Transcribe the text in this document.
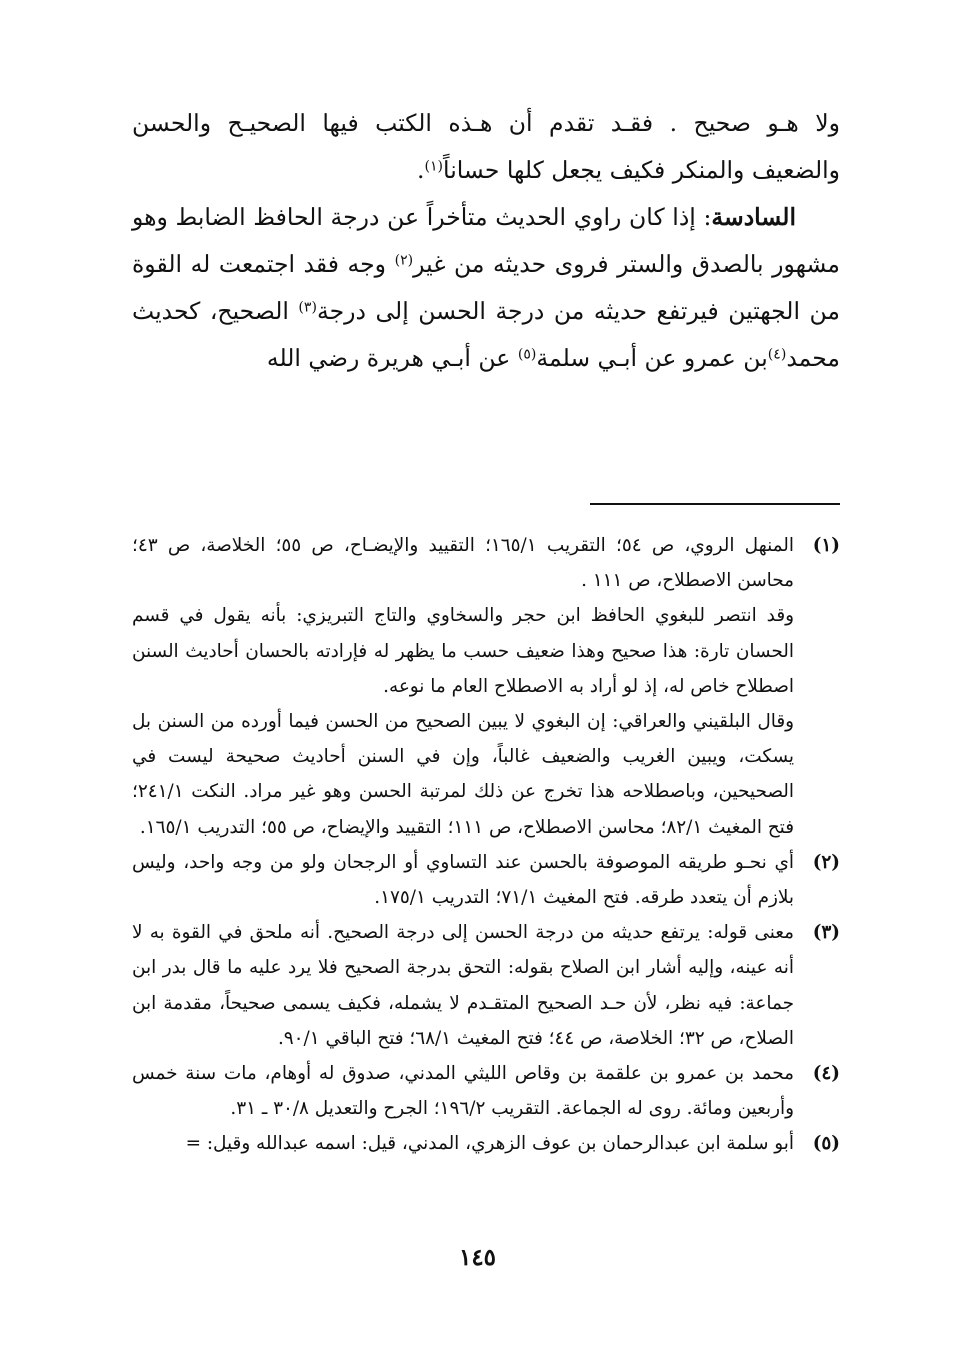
ولا هـو صحيح . فقـد تقدم أن هـذه الكتب فيها الصحيـح والحسن

والضعيف والمنكر فكيف يجعل كلها حساناً$^{(١)}$.

السادسة: إذا كان راوي الحديث متأخراً عن درجة الحافظ الضابط وهو مشهور بالصدق والستر فروى حديثه من غير$^{(٢)}$ وجه فقد اجتمعت له القوة من الجهتين فيرتفع حديثه من درجة الحسن إلى درجة$^{(٣)}$ الصحيح، كحديث محمد$^{(٤)}$بن عمرو عن أبـي سلمة$^{(٥)}$ عن أبـي هريرة رضي الله

(١)

المنهل الروي، ص ٥٤؛ التقريب ١٦٥/١؛ التقييد والإيضـاح، ص ٥٥؛ الخلاصة، ص ٤٣؛ محاسن الاصطلاح، ص ١١١ .

وقد انتصر للبغوي الحافظ ابن حجر والسخاوي والتاج التبريزي: بأنه يقول في قسم الحسان تارة: هذا صحيح وهذا ضعيف حسب ما يظهر له فإرادته بالحسان أحاديث السنن اصطلاح خاص له، إذ لو أراد به الاصطلاح العام ما نوعه.

وقال البلقيني والعراقي: إن البغوي لا يبين الصحيح من الحسن فيما أورده من السنن بل يسكت، ويبين الغريب والضعيف غالباً، وإن في السنن أحاديث صحيحة ليست في الصحيحين، وباصطلاحه هذا تخرج عن ذلك لمرتبة الحسن وهو غير مراد. النكت ٢٤١/١؛ فتح المغيث ٨٢/١؛ محاسن الاصطلاح، ص ١١١؛ التقييد والإيضاح، ص ٥٥؛ التدريب ١٦٥/١.

(٢)

أي نحـو طريقه الموصوفة بالحسن عند التساوي أو الرجحان ولو من وجه واحد، وليس بلازم أن يتعدد طرقه. فتح المغيث ٧١/١؛ التدريب ١٧٥/١.

(٣)

معنى قوله: يرتفع حديثه من درجة الحسن إلى درجة الصحيح. أنه ملحق في القوة به لا أنه عينه، وإليه أشار ابن الصلاح بقوله: التحق بدرجة الصحيح فلا يرد عليه ما قال بدر ابن جماعة: فيه نظر، لأن حـد الصحيح المتقـدم لا يشمله، فكيف يسمى صحيحاً، مقدمة ابن الصلاح، ص ٣٢؛ الخلاصة، ص ٤٤؛ فتح المغيث ٦٨/١؛ فتح الباقي ٩٠/١.

(٤)

محمد بن عمرو بن علقمة بن وقاص الليثي المدني، صدوق له أوهام، مات سنة خمس وأربعين ومائة. روى له الجماعة. التقريب ١٩٦/٢؛ الجرح والتعديل ٣٠/٨ ـ ٣١.

(٥)

أبو سلمة ابن عبدالرحمان بن عوف الزهري، المدني، قيل: اسمه عبدالله وقيل: =

١٤٥
